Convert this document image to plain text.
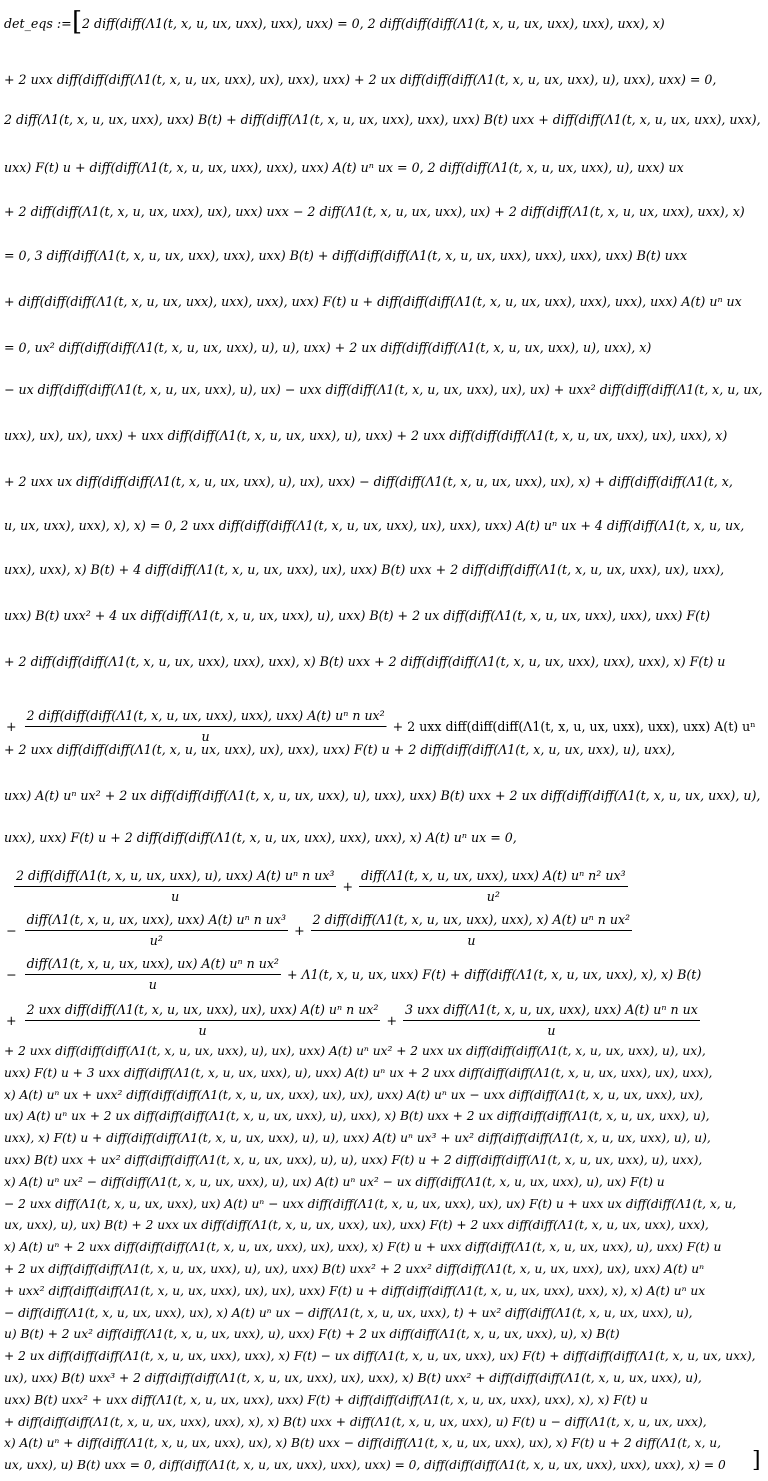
det_eqs := [ 2 diff(diff(Λ1(t, x, u, ux, uxx), uxx), uxx) = 0, 2 diff(diff(diff(Λ1(t, x, u, ux, uxx), uxx), uxx), x)
+ 2 uxx diff(diff(diff(Λ1(t, x, u, ux, uxx), ux), uxx), uxx) + 2 ux diff(diff(diff(Λ1(t, x, u, ux, uxx), u), uxx), uxx) = 0,
2 diff(Λ1(t, x, u, ux, uxx), uxx) B(t) + diff(diff(Λ1(t, x, u, ux, uxx), uxx), uxx) B(t) uxx + diff(diff(Λ1(t, x, u, ux, uxx), uxx),
uxx) F(t) u + diff(diff(Λ1(t, x, u, ux, uxx), uxx), uxx) A(t) uⁿ ux = 0, 2 diff(diff(Λ1(t, x, u, ux, uxx), u), uxx) ux
+ 2 diff(diff(Λ1(t, x, u, ux, uxx), ux), uxx) uxx − 2 diff(Λ1(t, x, u, ux, uxx), ux) + 2 diff(diff(Λ1(t, x, u, ux, uxx), uxx), x)
= 0, 3 diff(diff(Λ1(t, x, u, ux, uxx), uxx), uxx) B(t) + diff(diff(diff(Λ1(t, x, u, ux, uxx), uxx), uxx), uxx) B(t) uxx
+ diff(diff(diff(Λ1(t, x, u, ux, uxx), uxx), uxx), uxx) F(t) u + diff(diff(diff(Λ1(t, x, u, ux, uxx), uxx), uxx), uxx) A(t) uⁿ ux
= 0, ux² diff(diff(diff(Λ1(t, x, u, ux, uxx), u), u), uxx) + 2 ux diff(diff(diff(Λ1(t, x, u, ux, uxx), u), uxx), x)
− ux diff(diff(diff(Λ1(t, x, u, ux, uxx), u), ux) − uxx diff(diff(Λ1(t, x, u, ux, uxx), ux), ux) + uxx² diff(diff(diff(Λ1(t, x, u, ux,
uxx), ux), ux), uxx) + uxx diff(diff(Λ1(t, x, u, ux, uxx), u), uxx) + 2 uxx diff(diff(diff(Λ1(t, x, u, ux, uxx), ux), uxx), x)
+ 2 uxx ux diff(diff(diff(Λ1(t, x, u, ux, uxx), u), ux), uxx) − diff(diff(Λ1(t, x, u, ux, uxx), ux), x) + diff(diff(diff(Λ1(t, x,
u, ux, uxx), uxx), x), x) = 0, 2 uxx diff(diff(diff(Λ1(t, x, u, ux, uxx), ux), uxx), uxx) A(t) uⁿ ux + 4 diff(diff(Λ1(t, x, u, ux,
uxx), uxx), x) B(t) + 4 diff(diff(Λ1(t, x, u, ux, uxx), ux), uxx) B(t) uxx + 2 diff(diff(diff(Λ1(t, x, u, ux, uxx), ux), uxx),
uxx) B(t) uxx² + 4 ux diff(diff(Λ1(t, x, u, ux, uxx), u), uxx) B(t) + 2 ux diff(diff(Λ1(t, x, u, ux, uxx), uxx), uxx) F(t)
+ 2 diff(diff(diff(Λ1(t, x, u, ux, uxx), uxx), uxx), x) B(t) uxx + 2 diff(diff(diff(Λ1(t, x, u, ux, uxx), uxx), uxx), x) F(t) u
+
2 diff(diff(diff(Λ1(t, x, u, ux, uxx), uxx), uxx) A(t) uⁿ n ux²
u
+ 2 uxx diff(diff(diff(Λ1(t, x, u, ux, uxx), uxx), uxx) A(t) uⁿ
+ 2 uxx diff(diff(diff(Λ1(t, x, u, ux, uxx), ux), uxx), uxx) F(t) u + 2 diff(diff(diff(Λ1(t, x, u, ux, uxx), u), uxx),
uxx) A(t) uⁿ ux² + 2 ux diff(diff(diff(Λ1(t, x, u, ux, uxx), u), uxx), uxx) B(t) uxx + 2 ux diff(diff(diff(Λ1(t, x, u, ux, uxx), u),
uxx), uxx) F(t) u + 2 diff(diff(diff(Λ1(t, x, u, ux, uxx), uxx), uxx), x) A(t) uⁿ ux = 0,
$\frac{\text{2 diff(diff(Λ1(t, x, u, ux, uxx), u), uxx) A(t) uⁿ n ux³}}{u} + \frac{\text{diff(Λ1(t, x, u, ux, uxx), uxx) A(t) uⁿ n² ux³}}{\text{u²}}$
− $\frac{\text{diff(Λ1(t, x, u, ux, uxx), uxx) A(t) uⁿ n ux³}}{\text{u²}} + \frac{\text{2 diff(diff(Λ1(t, x, u, ux, uxx), uxx), x) A(t) uⁿ n ux²}}{u}$
− $\frac{\text{diff(Λ1(t, x, u, ux, uxx), ux) A(t) uⁿ n ux²}}{u} + \Lambda 1(t$, x, u, ux, uxx) F(t) + diff(diff(Λ1(t, x, u, ux, uxx), x), x) B(t)
+
2 uxx diff(diff(Λ1(t, x, u, ux, uxx), ux), uxx) A(t) uⁿ n ux²
u
+ $\frac{\text{3 uxx diff(Λ1(t, x, u, ux, uxx), uxx) A(t) uⁿ n ux}}{u}$
+ 2 uxx diff(diff(diff(Λ1(t, x, u, ux, uxx), u), ux), uxx) A(t) uⁿ ux² + 2 uxx ux diff(diff(diff(Λ1(t, x, u, ux, uxx), u), ux),
uxx) F(t) u + 3 uxx diff(diff(Λ1(t, x, u, ux, uxx), u), uxx) A(t) uⁿ ux + 2 uxx diff(diff(diff(Λ1(t, x, u, ux, uxx), ux), uxx),
x) A(t) uⁿ ux + uxx² diff(diff(diff(Λ1(t, x, u, ux, uxx), ux), ux), uxx) A(t) uⁿ ux − uxx diff(diff(Λ1(t, x, u, ux, uxx), ux),
ux) A(t) uⁿ ux + 2 ux diff(diff(diff(Λ1(t, x, u, ux, uxx), u), uxx), x) B(t) uxx + 2 ux diff(diff(diff(Λ1(t, x, u, ux, uxx), u),
uxx), x) F(t) u + diff(diff(diff(Λ1(t, x, u, ux, uxx), u), u), uxx) A(t) uⁿ ux³ + ux² diff(diff(diff(Λ1(t, x, u, ux, uxx), u), u),
uxx) B(t) uxx + ux² diff(diff(diff(Λ1(t, x, u, ux, uxx), u), u), uxx) F(t) u + 2 diff(diff(diff(Λ1(t, x, u, ux, uxx), u), uxx),
x) A(t) uⁿ ux² − diff(diff(Λ1(t, x, u, ux, uxx), u), ux) A(t) uⁿ ux² − ux diff(diff(Λ1(t, x, u, ux, uxx), u), ux) F(t) u
− 2 uxx diff(Λ1(t, x, u, ux, uxx), ux) A(t) uⁿ − uxx diff(diff(Λ1(t, x, u, ux, uxx), ux), ux) F(t) u + uxx ux diff(diff(Λ1(t, x, u,
ux, uxx), u), ux) B(t) + 2 uxx ux diff(diff(Λ1(t, x, u, ux, uxx), ux), uxx) F(t) + 2 uxx diff(diff(Λ1(t, x, u, ux, uxx), uxx),
x) A(t) uⁿ + 2 uxx diff(diff(diff(Λ1(t, x, u, ux, uxx), ux), uxx), x) F(t) u + uxx diff(diff(Λ1(t, x, u, ux, uxx), u), uxx) F(t) u
+ 2 ux diff(diff(diff(Λ1(t, x, u, ux, uxx), u), ux), uxx) B(t) uxx² + 2 uxx² diff(diff(Λ1(t, x, u, ux, uxx), ux), uxx) A(t) uⁿ
+ uxx² diff(diff(diff(Λ1(t, x, u, ux, uxx), ux), ux), uxx) F(t) u + diff(diff(diff(Λ1(t, x, u, ux, uxx), uxx), x), x) A(t) uⁿ ux
− diff(diff(Λ1(t, x, u, ux, uxx), ux), x) A(t) uⁿ ux − diff(Λ1(t, x, u, ux, uxx), t) + ux² diff(diff(Λ1(t, x, u, ux, uxx), u),
u) B(t) + 2 ux² diff(diff(Λ1(t, x, u, ux, uxx), u), uxx) F(t) + 2 ux diff(diff(Λ1(t, x, u, ux, uxx), u), x) B(t)
+ 2 ux diff(diff(diff(Λ1(t, x, u, ux, uxx), uxx), x) F(t) − ux diff(Λ1(t, x, u, ux, uxx), ux) F(t) + diff(diff(diff(Λ1(t, x, u, ux, uxx),
ux), uxx) B(t) uxx³ + 2 diff(diff(diff(Λ1(t, x, u, ux, uxx), ux), uxx), x) B(t) uxx² + diff(diff(diff(Λ1(t, x, u, ux, uxx), u),
uxx) B(t) uxx² + uxx diff(Λ1(t, x, u, ux, uxx), uxx) F(t) + diff(diff(diff(Λ1(t, x, u, ux, uxx), uxx), x), x) F(t) u
+ diff(diff(diff(Λ1(t, x, u, ux, uxx), uxx), x), x) B(t) uxx + diff(Λ1(t, x, u, ux, uxx), u) F(t) u − diff(Λ1(t, x, u, ux, uxx),
x) A(t) uⁿ + diff(diff(Λ1(t, x, u, ux, uxx), ux), x) B(t) uxx − diff(diff(Λ1(t, x, u, ux, uxx), ux), x) F(t) u + 2 diff(Λ1(t, x, u,
ux, uxx), u) B(t) uxx = 0, diff(diff(Λ1(t, x, u, ux, uxx), uxx), uxx) = 0, diff(diff(diff(Λ1(t, x, u, ux, uxx), uxx), uxx), x) = 0 ]
